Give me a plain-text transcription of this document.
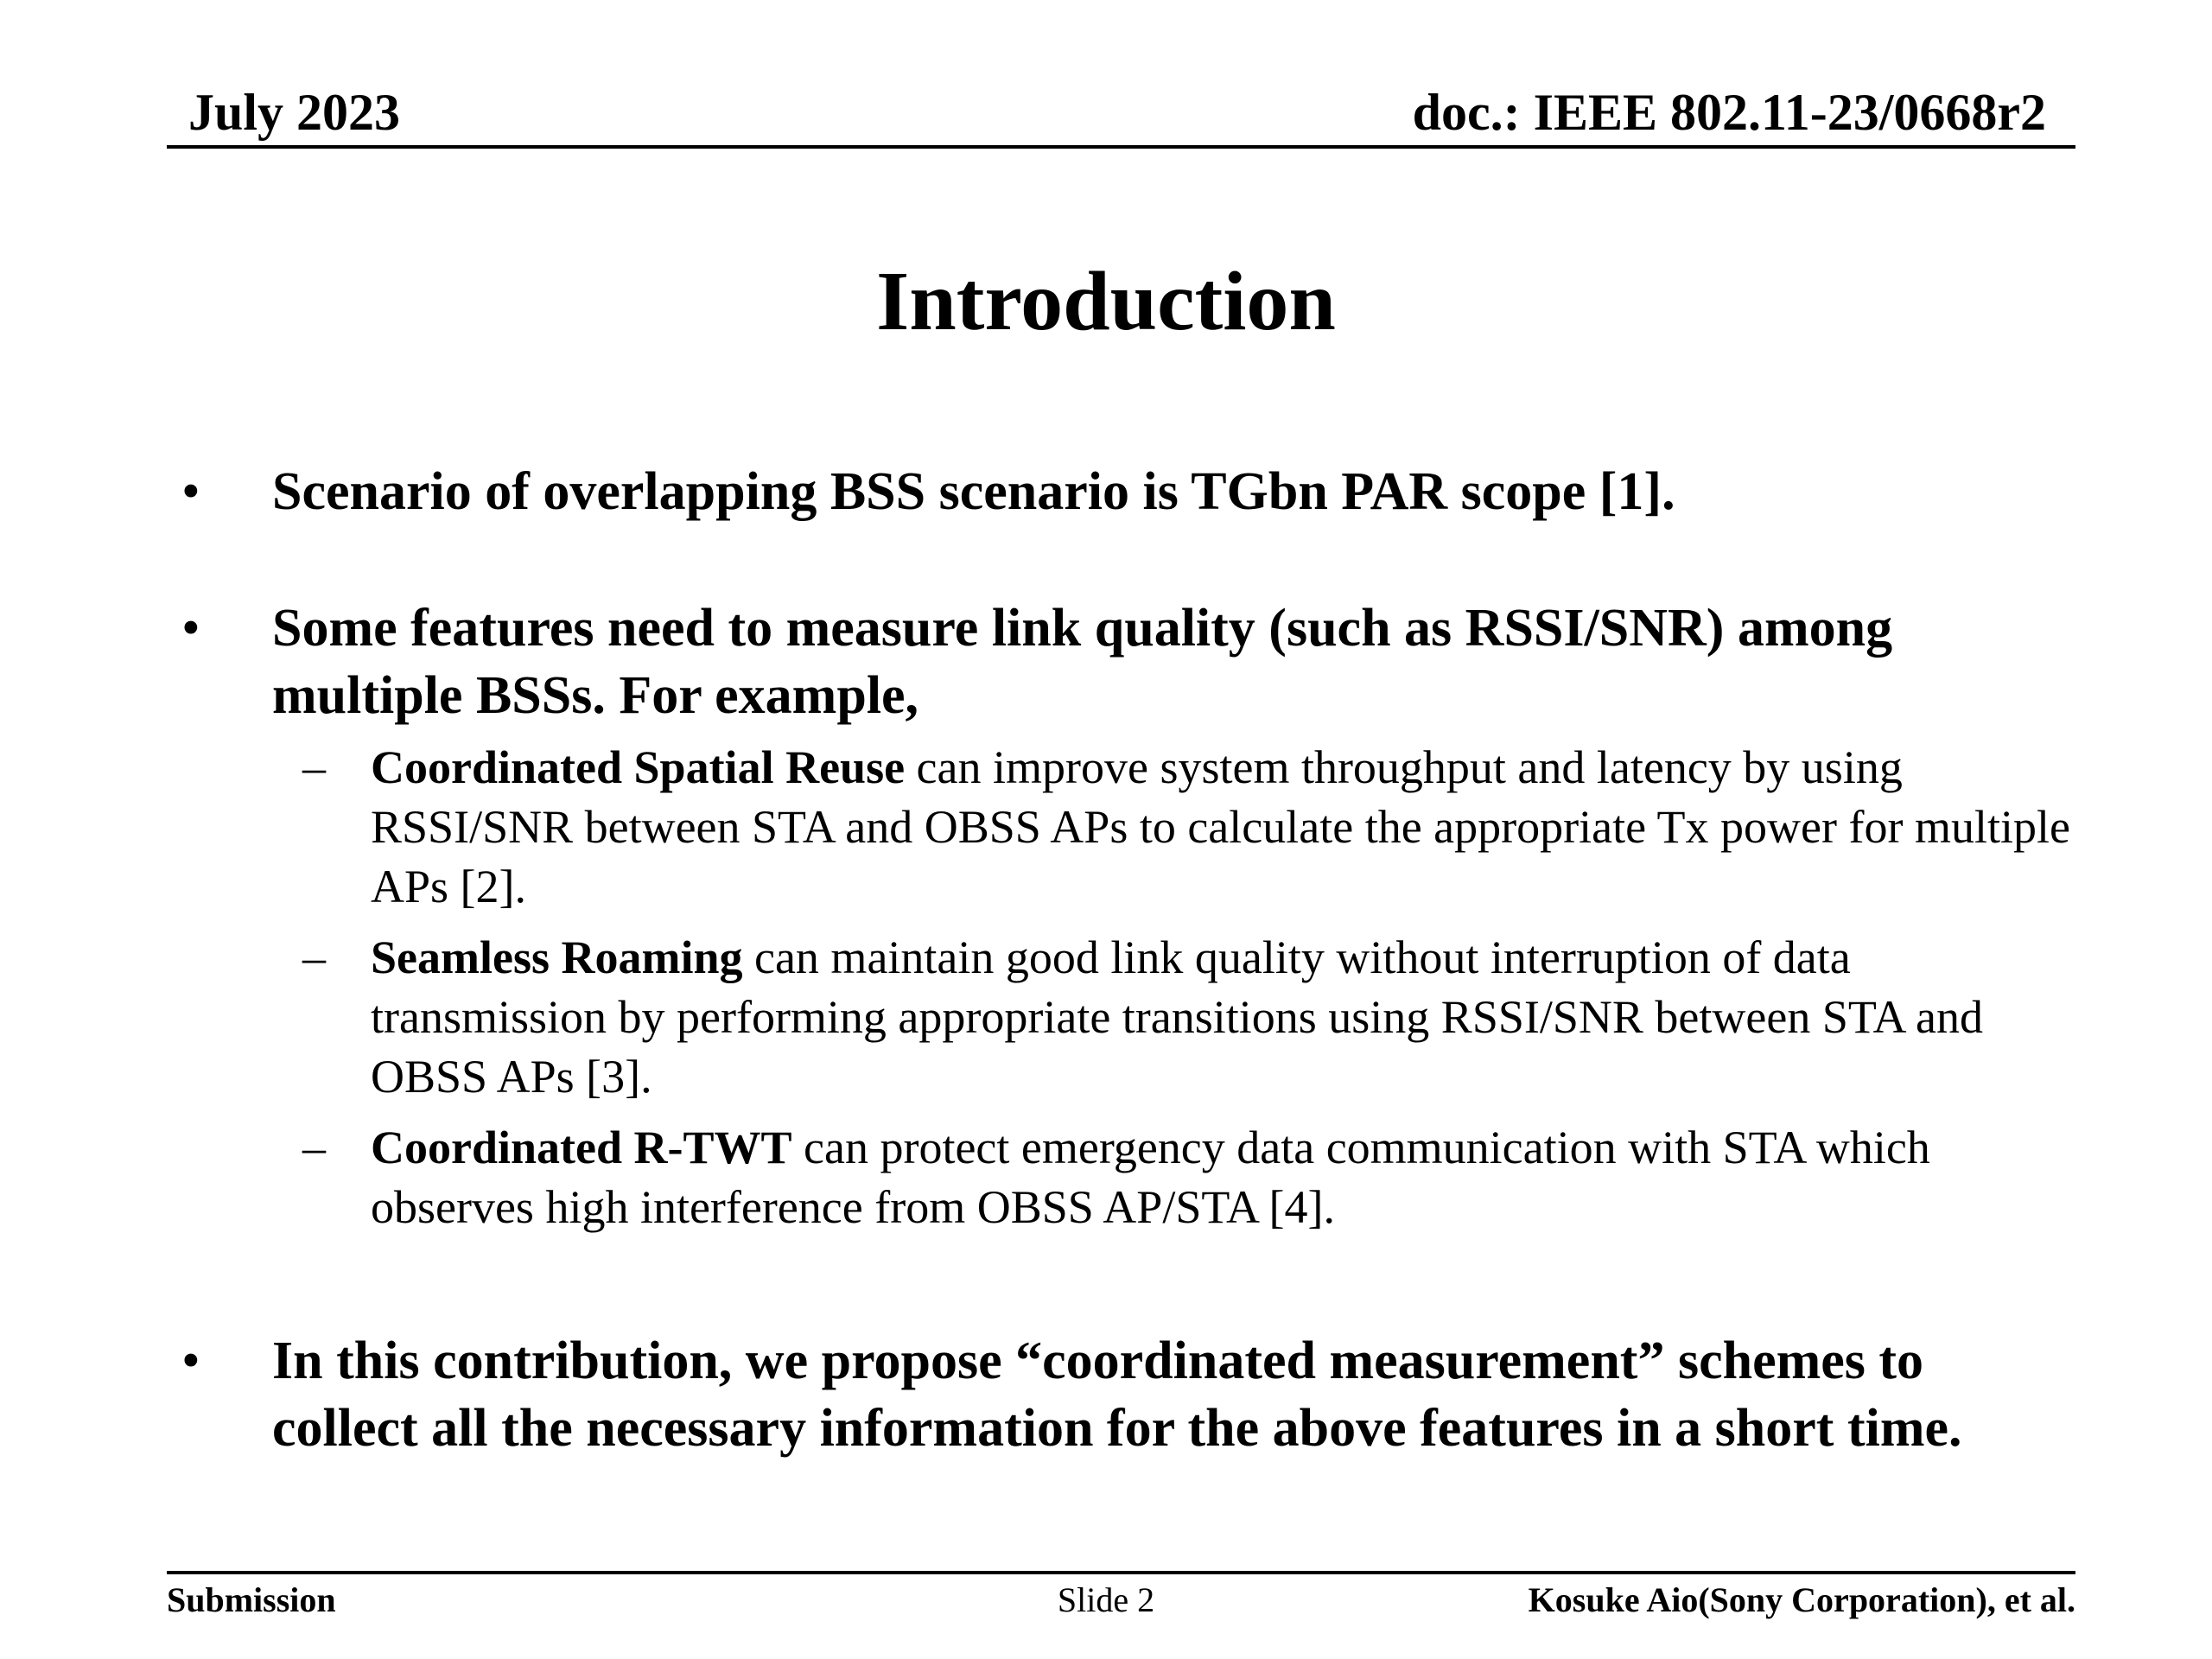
July 2023	doc.: IEEE 802.11-23/0668r2
Introduction
• Scenario of overlapping BSS scenario is TGbn PAR scope [1].
• Some features need to measure link quality (such as RSSI/SNR) among multiple BSSs. For example,
– Coordinated Spatial Reuse can improve system throughput and latency by using RSSI/SNR between STA and OBSS APs to calculate the appropriate Tx power for multiple APs [2].
– Seamless Roaming can maintain good link quality without interruption of data transmission by performing appropriate transitions using RSSI/SNR between STA and OBSS APs [3].
– Coordinated R-TWT can protect emergency data communication with STA which observes high interference from OBSS AP/STA [4].
• In this contribution, we propose “coordinated measurement” schemes to collect all the necessary information for the above features in a short time.
Submission	Slide 2	Kosuke Aio(Sony Corporation), et al.
